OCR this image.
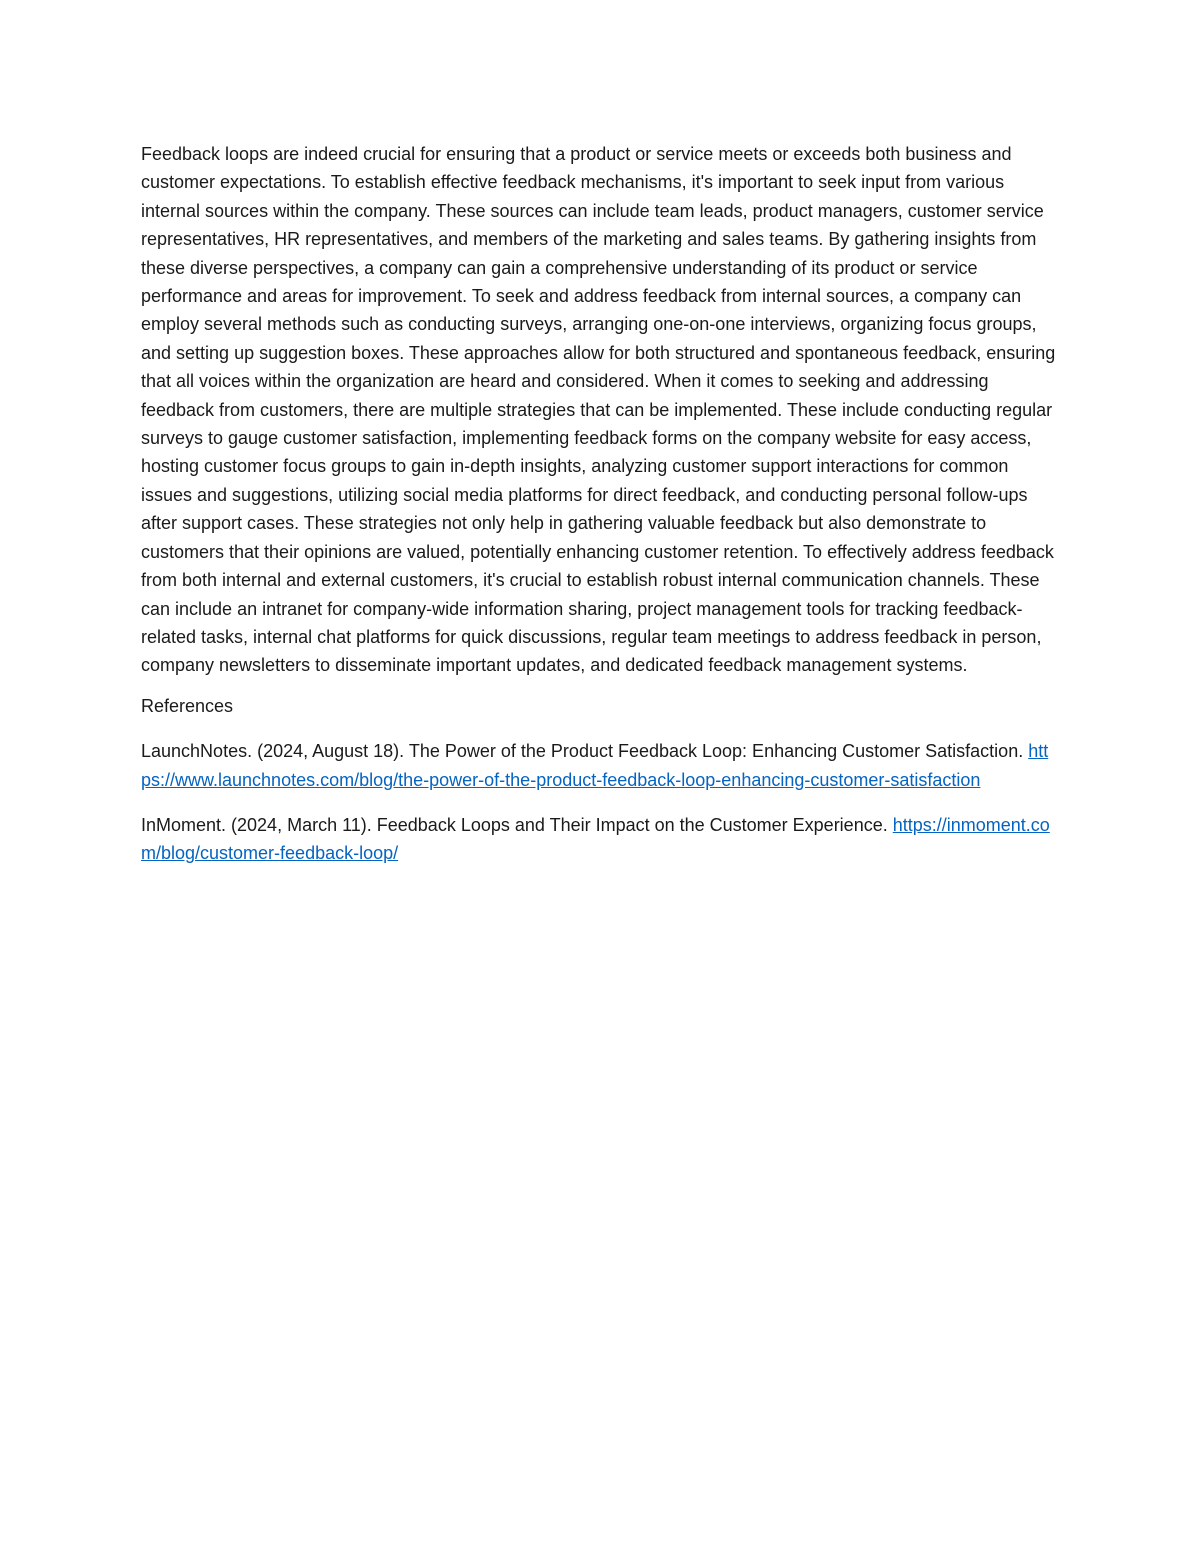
Feedback loops are indeed crucial for ensuring that a product or service meets or exceeds both business and customer expectations. To establish effective feedback mechanisms, it's important to seek input from various internal sources within the company. These sources can include team leads, product managers, customer service representatives, HR representatives, and members of the marketing and sales teams. By gathering insights from these diverse perspectives, a company can gain a comprehensive understanding of its product or service performance and areas for improvement. To seek and address feedback from internal sources, a company can employ several methods such as conducting surveys, arranging one-on-one interviews, organizing focus groups, and setting up suggestion boxes. These approaches allow for both structured and spontaneous feedback, ensuring that all voices within the organization are heard and considered. When it comes to seeking and addressing feedback from customers, there are multiple strategies that can be implemented. These include conducting regular surveys to gauge customer satisfaction, implementing feedback forms on the company website for easy access, hosting customer focus groups to gain in-depth insights, analyzing customer support interactions for common issues and suggestions, utilizing social media platforms for direct feedback, and conducting personal follow-ups after support cases. These strategies not only help in gathering valuable feedback but also demonstrate to customers that their opinions are valued, potentially enhancing customer retention. To effectively address feedback from both internal and external customers, it's crucial to establish robust internal communication channels. These can include an intranet for company-wide information sharing, project management tools for tracking feedback-related tasks, internal chat platforms for quick discussions, regular team meetings to address feedback in person, company newsletters to disseminate important updates, and dedicated feedback management systems.

References

LaunchNotes. (2024, August 18). The Power of the Product Feedback Loop: Enhancing Customer Satisfaction. https://www.launchnotes.com/blog/the-power-of-the-product-feedback-loop-enhancing-customer-satisfaction

InMoment. (2024, March 11). Feedback Loops and Their Impact on the Customer Experience. https://inmoment.com/blog/customer-feedback-loop/
